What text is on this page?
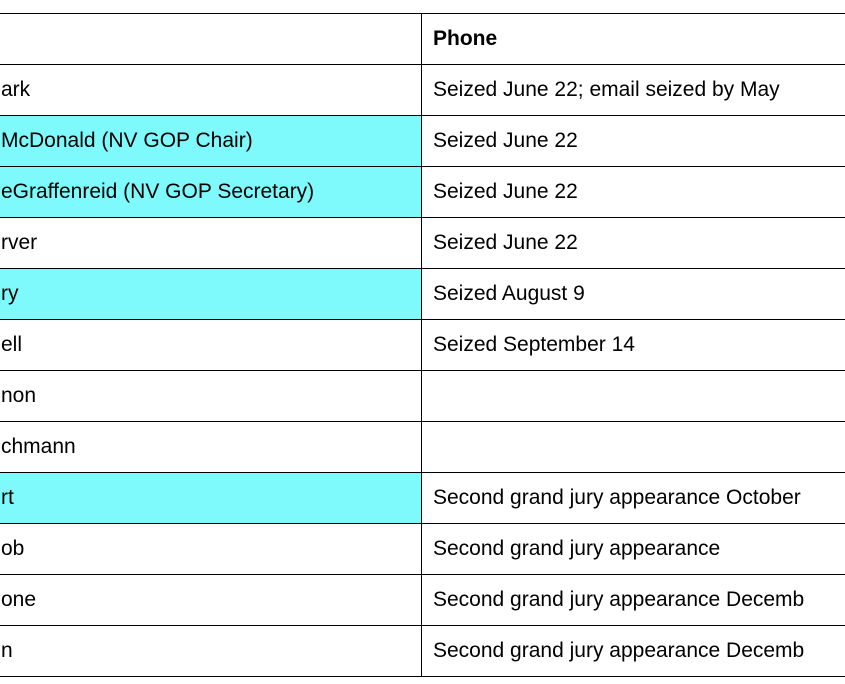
	Phone
ark	Seized June 22; email seized by May
McDonald (NV GOP Chair)	Seized June 22
eGraffenreid (NV GOP Secretary)	Seized June 22
rver	Seized June 22
ry	Seized August 9
ell	Seized September 14
non	
chmann	
rt	Second grand jury appearance October
ob	Second grand jury appearance
one	Second grand jury appearance Decemb
n	Second grand jury appearance Decemb
